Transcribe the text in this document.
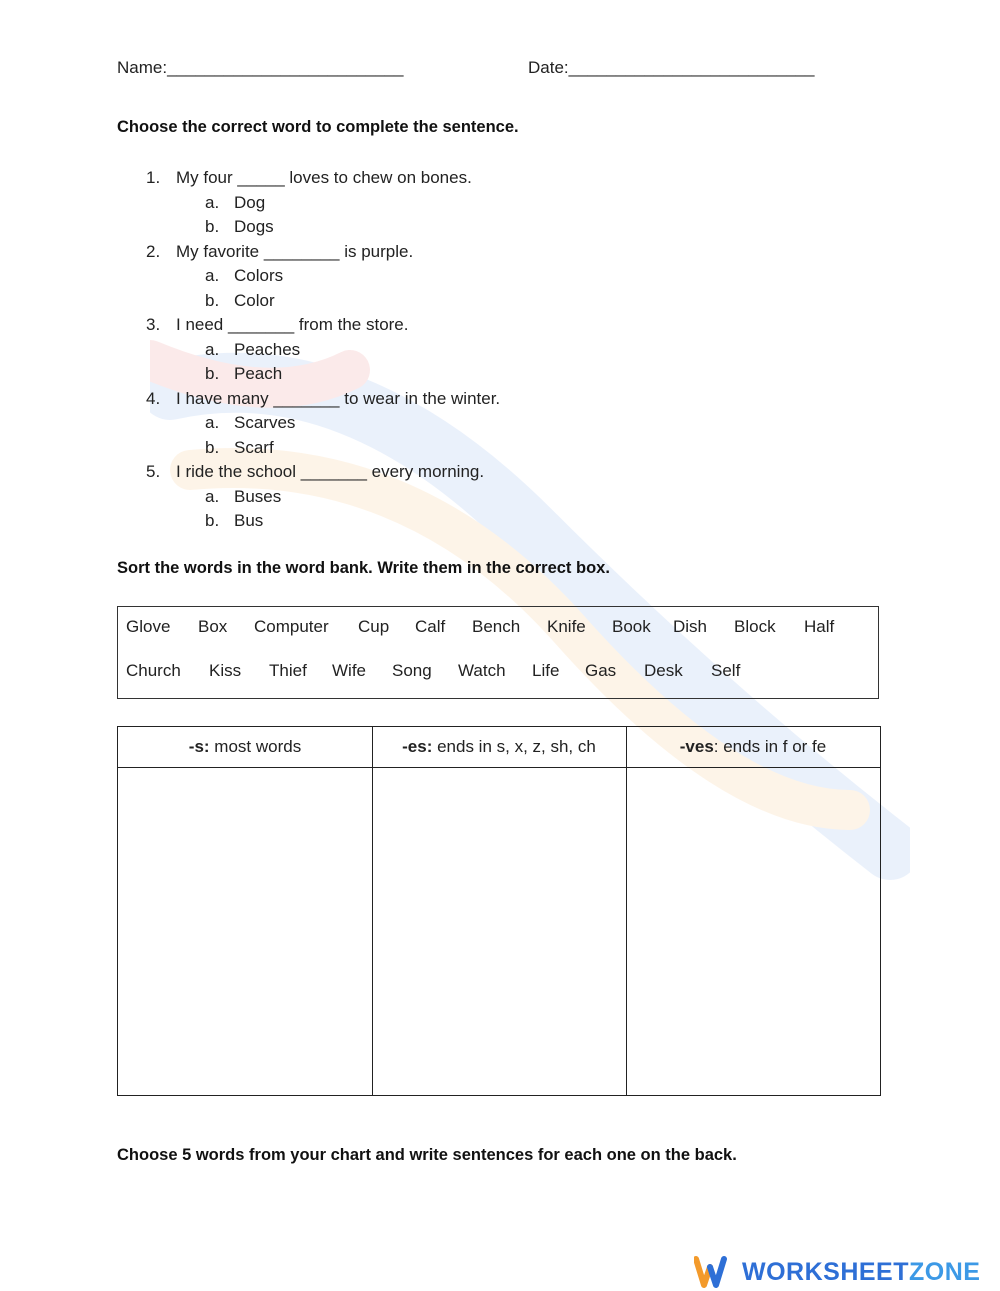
Name:_________________________	Date:__________________________
Choose the correct word to complete the sentence.
1. My four _____ loves to chew on bones.
a. Dog
b. Dogs
2. My favorite ________ is purple.
a. Colors
b. Color
3. I need _______ from the store.
a. Peaches
b. Peach
4. I have many _______ to wear in the winter.
a. Scarves
b. Scarf
5. I ride the school _______ every morning.
a. Buses
b. Bus
Sort the words in the word bank. Write them in the correct box.
Glove Box Computer Cup Calf Bench Knife Book Dish Block Half
Church Kiss Thief Wife Song Watch Life Gas Desk Self
-s: most words	-es: ends in s, x, z, sh, ch	-ves: ends in f or fe
Choose 5 words from your chart and write sentences for each one on the back.
WORKSHEETZONE
